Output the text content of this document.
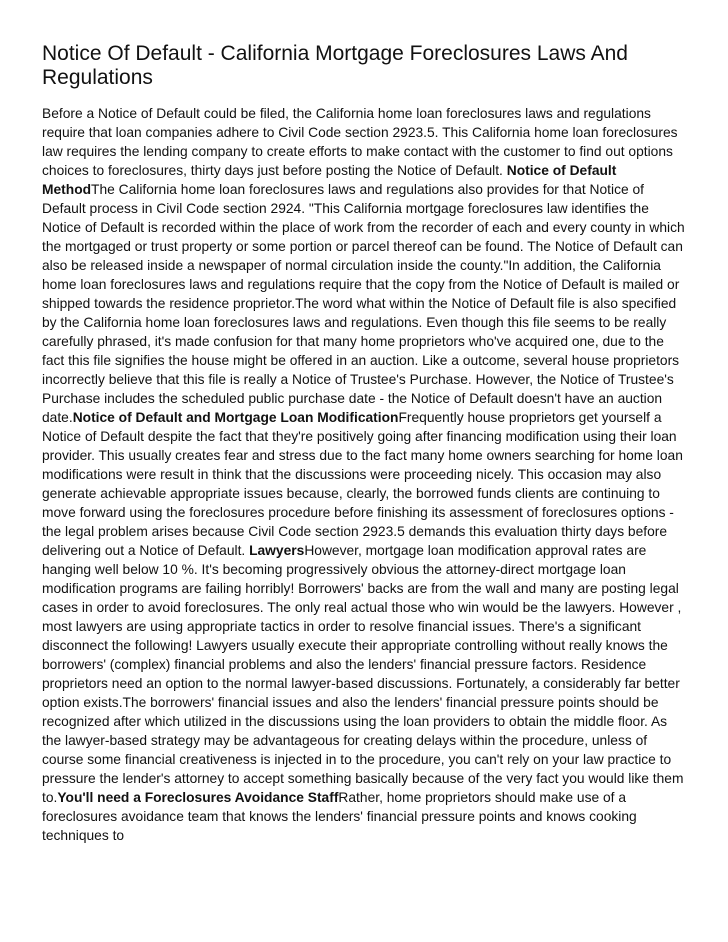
Notice Of Default - California Mortgage Foreclosures Laws And Regulations

Before a Notice of Default could be filed, the California home loan foreclosures laws and regulations require that loan companies adhere to Civil Code section 2923.5. This California home loan foreclosures law requires the lending company to create efforts to make contact with the customer to find out options choices to foreclosures, thirty days just before posting the Notice of Default. Notice of Default MethodThe California home loan foreclosures laws and regulations also provides for that Notice of Default process in Civil Code section 2924. "This California mortgage foreclosures law identifies the Notice of Default is recorded within the place of work from the recorder of each and every county in which the mortgaged or trust property or some portion or parcel thereof can be found. The Notice of Default can also be released inside a newspaper of normal circulation inside the county."In addition, the California home loan foreclosures laws and regulations require that the copy from the Notice of Default is mailed or shipped towards the residence proprietor.The word what within the Notice of Default file is also specified by the California home loan foreclosures laws and regulations. Even though this file seems to be really carefully phrased, it's made confusion for that many home proprietors who've acquired one, due to the fact this file signifies the house might be offered in an auction. Like a outcome, several house proprietors incorrectly believe that this file is really a Notice of Trustee's Purchase. However, the Notice of Trustee's Purchase includes the scheduled public purchase date - the Notice of Default doesn't have an auction date.Notice of Default and Mortgage Loan ModificationFrequently house proprietors get yourself a Notice of Default despite the fact that they're positively going after financing modification using their loan provider. This usually creates fear and stress due to the fact many home owners searching for home loan modifications were result in think that the discussions were proceeding nicely. This occasion may also generate achievable appropriate issues because, clearly, the borrowed funds clients are continuing to move forward using the foreclosures procedure before finishing its assessment of foreclosures options - the legal problem arises because Civil Code section 2923.5 demands this evaluation thirty days before delivering out a Notice of Default. LawyersHowever, mortgage loan modification approval rates are hanging well below 10 %. It's becoming progressively obvious the attorney-direct mortgage loan modification programs are failing horribly! Borrowers' backs are from the wall and many are posting legal cases in order to avoid foreclosures. The only real actual those who win would be the lawyers. However , most lawyers are using appropriate tactics in order to resolve financial issues. There's a significant disconnect the following! Lawyers usually execute their appropriate controlling without really knows the borrowers' (complex) financial problems and also the lenders' financial pressure factors. Residence proprietors need an option to the normal lawyer-based discussions. Fortunately, a considerably far better option exists.The borrowers' financial issues and also the lenders' financial pressure points should be recognized after which utilized in the discussions using the loan providers to obtain the middle floor. As the lawyer-based strategy may be advantageous for creating delays within the procedure, unless of course some financial creativeness is injected in to the procedure, you can't rely on your law practice to pressure the lender's attorney to accept something basically because of the very fact you would like them to.You'll need a Foreclosures Avoidance StaffRather, home proprietors should make use of a foreclosures avoidance team that knows the lenders' financial pressure points and knows cooking techniques to
